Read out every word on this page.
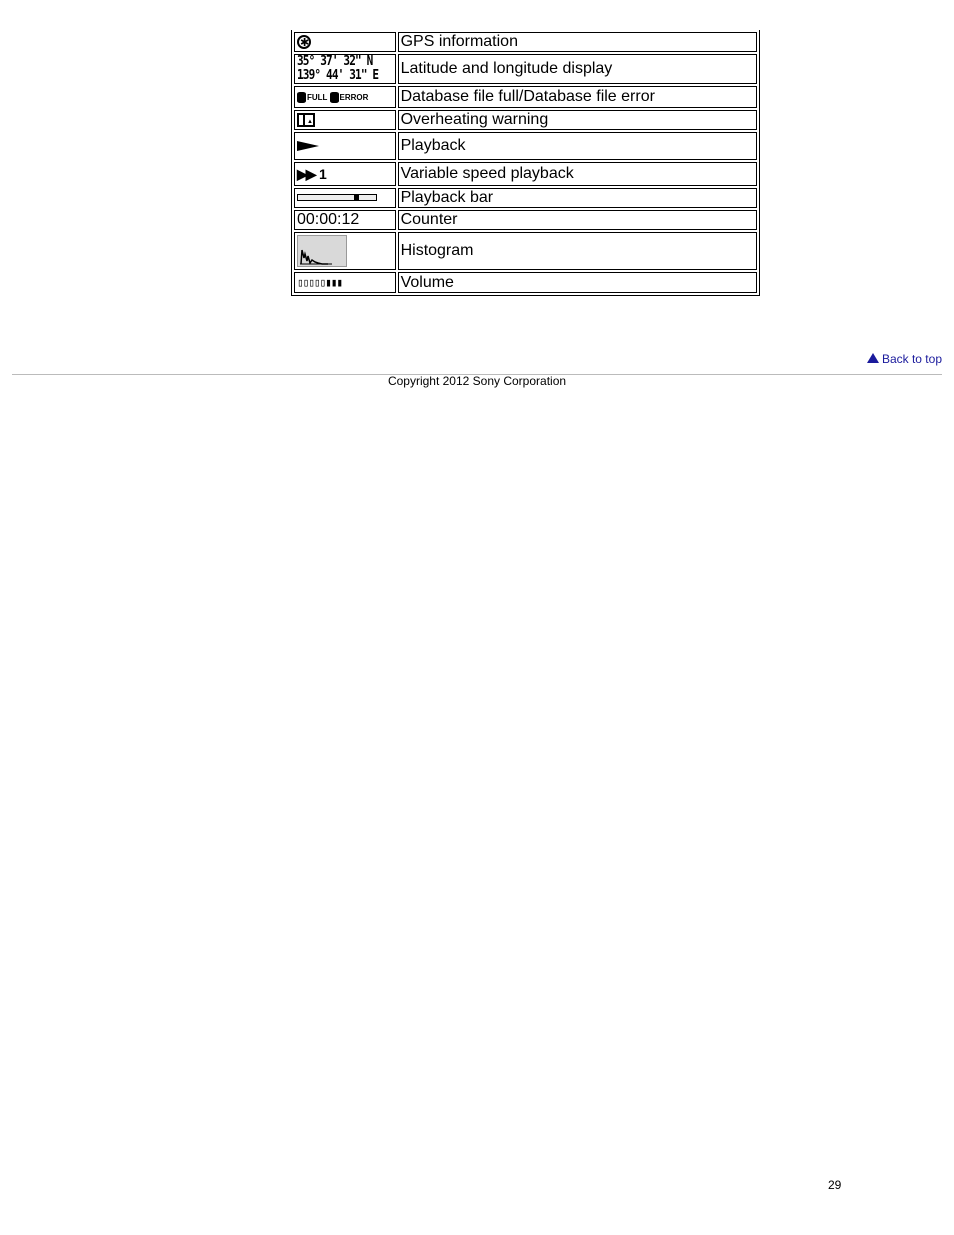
✱	GPS information

35° 37' 32" N
139° 44' 31" E	Latitude and longitude display
FULL ERROR	Database file full/Database file error
▲	Overheating warning
	Playback
▶▶ 1	Variable speed playback

	Playback bar
00:00:12	Counter

	Histogram
▯▯▯▯▯▮▮▮	Volume
Back to top
Copyright 2012 Sony Corporation
29
